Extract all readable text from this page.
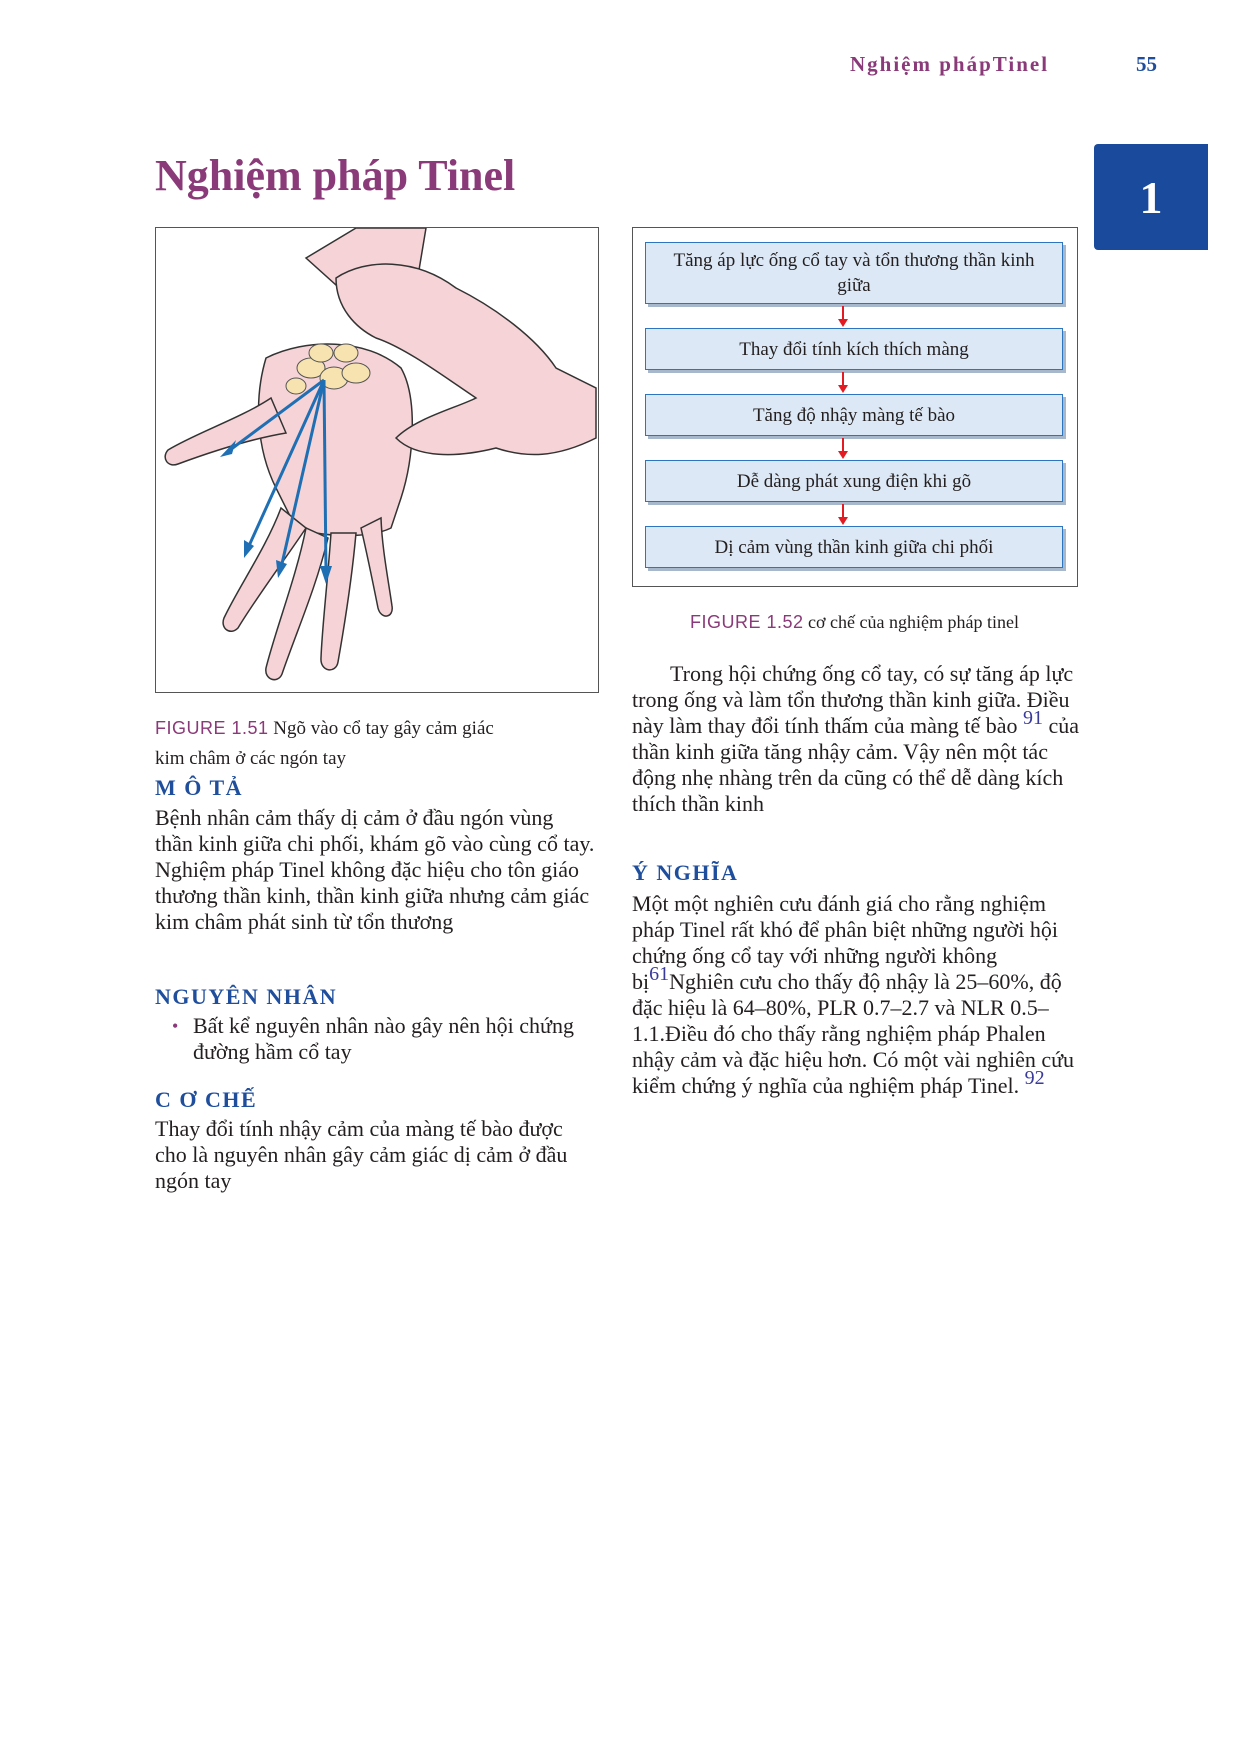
Nghiệm phápTinel	55
1
Nghiệm pháp Tinel
FIGURE 1.51 Ngõ vào cổ tay gây cảm giác
kim châm ở các ngón tay
Tăng áp lực ống cổ tay và tổn thương thần kinh giữa
Thay đổi tính kích thích màng
Tăng độ nhậy màng tế bào
Dễ dàng phát xung điện khi gõ
Dị cảm vùng thần kinh giữa chi phối
FIGURE 1.52 cơ chế của nghiệm pháp tinel
M Ô TẢ
Bệnh nhân cảm thấy dị cảm ở đầu ngón vùng thần kinh giữa chi phối, khám gõ vào cùng cổ tay. Nghiệm pháp Tinel không đặc hiệu cho tôn giáo thương thần kinh, thần kinh giữa nhưng cảm giác kim châm phát sinh từ tổn thương
NGUYÊN NHÂN
• Bất kể nguyên nhân nào gây nên hội chứng đường hầm cổ tay
C Ơ CHẾ
Thay đổi tính nhậy cảm của màng tế bào được cho là nguyên nhân gây cảm giác dị cảm ở đầu ngón tay

Trong hội chứng ống cổ tay, có sự tăng áp lực trong ống và làm tổn thương thần kinh giữa. Điều này làm thay đổi tính thấm của màng tế bào 91 của thần kinh giữa tăng nhậy cảm. Vậy nên một tác động nhẹ nhàng trên da cũng có thể dễ dàng kích thích thần kinh

Ý NGHĨA
Một một nghiên cưu đánh giá cho rằng nghiệm pháp Tinel rất khó để phân biệt những người hội chứng ống cổ tay với những người không bị61Nghiên cưu cho thấy độ nhậy là 25–60%, độ đặc hiệu là 64–80%, PLR 0.7–2.7 và NLR 0.5–1.1.Điều đó cho thấy rằng nghiệm pháp Phalen nhậy cảm và đặc hiệu hơn. Có một vài nghiên cứu kiểm chứng ý nghĩa của nghiệm pháp Tinel. 92
